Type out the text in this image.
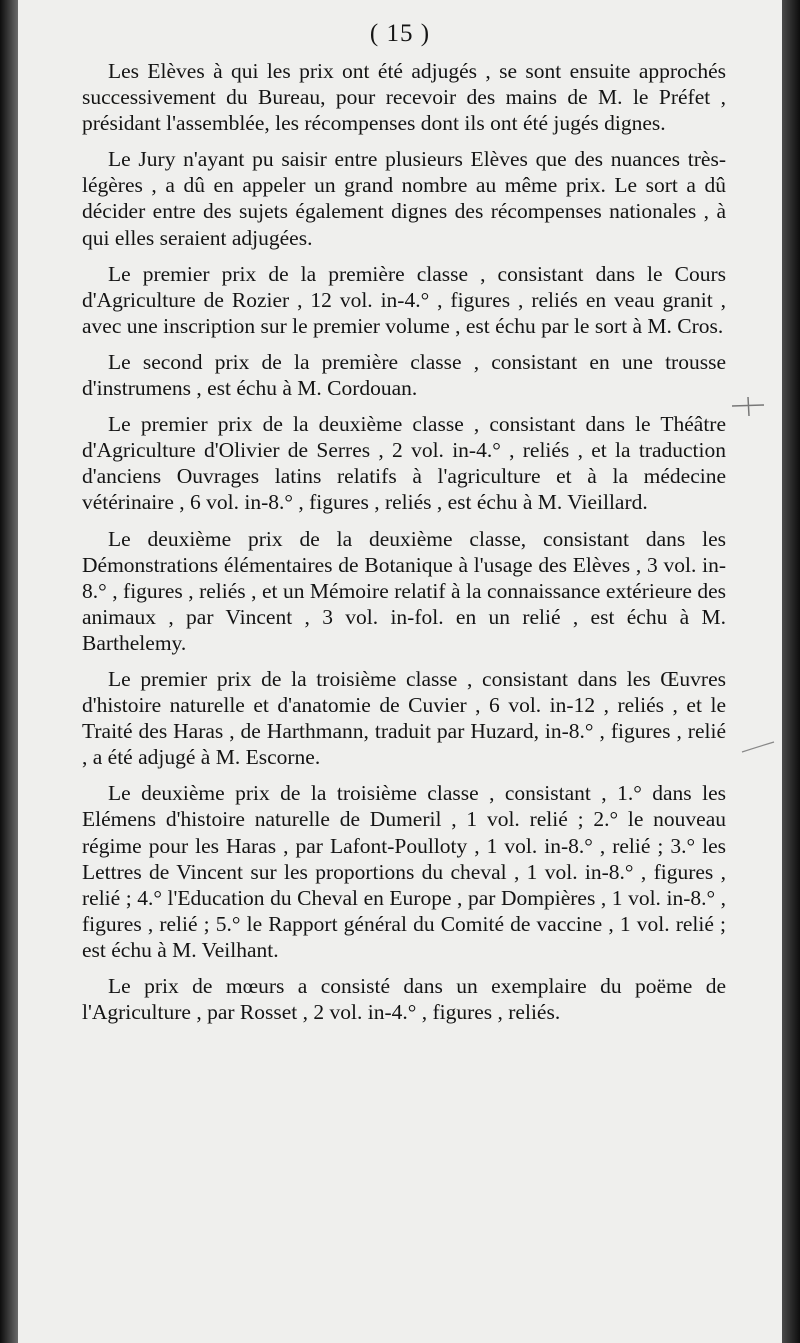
( 15 )

Les Elèves à qui les prix ont été adjugés , se sont ensuite approchés successivement du Bureau, pour recevoir des mains de M. le Préfet , présidant l'assemblée, les récompenses dont ils ont été jugés dignes.

Le Jury n'ayant pu saisir entre plusieurs Elèves que des nuances très-légères , a dû en appeler un grand nombre au même prix. Le sort a dû décider entre des sujets également dignes des récompenses nationales , à qui elles seraient adjugées.

Le premier prix de la première classe , consistant dans le Cours d'Agriculture de Rozier , 12 vol. in-4.° , figures , reliés en veau granit , avec une inscription sur le premier volume , est échu par le sort à M. Cros.

Le second prix de la première classe , consistant en une trousse d'instrumens , est échu à M. Cordouan.

Le premier prix de la deuxième classe , consistant dans le Théâtre d'Agriculture d'Olivier de Serres , 2 vol. in-4.° , reliés , et la traduction d'anciens Ouvrages latins relatifs à l'agriculture et à la médecine vétérinaire , 6 vol. in-8.° , figures , reliés , est échu à M. Vieillard.

Le deuxième prix de la deuxième classe, consistant dans les Démonstrations élémentaires de Botanique à l'usage des Elèves , 3 vol. in-8.° , figures , reliés , et un Mémoire relatif à la connaissance extérieure des animaux , par Vincent , 3 vol. in-fol. en un relié , est échu à M. Barthelemy.

Le premier prix de la troisième classe , consistant dans les Œuvres d'histoire naturelle et d'anatomie de Cuvier , 6 vol. in-12 , reliés , et le Traité des Haras , de Harthmann, traduit par Huzard, in-8.° , figures , relié , a été adjugé à M. Escorne.

Le deuxième prix de la troisième classe , consistant , 1.° dans les Elémens d'histoire naturelle de Dumeril , 1 vol. relié ; 2.° le nouveau régime pour les Haras , par Lafont-Poulloty , 1 vol. in-8.° , relié ; 3.° les Lettres de Vincent sur les proportions du cheval , 1 vol. in-8.° , figures , relié ; 4.° l'Education du Cheval en Europe , par Dompières , 1 vol. in-8.° , figures , relié ; 5.° le Rapport général du Comité de vaccine , 1 vol. relié ; est échu à M. Veilhant.

Le prix de mœurs a consisté dans un exemplaire du poëme de l'Agriculture , par Rosset , 2 vol. in-4.° , figures , reliés.
